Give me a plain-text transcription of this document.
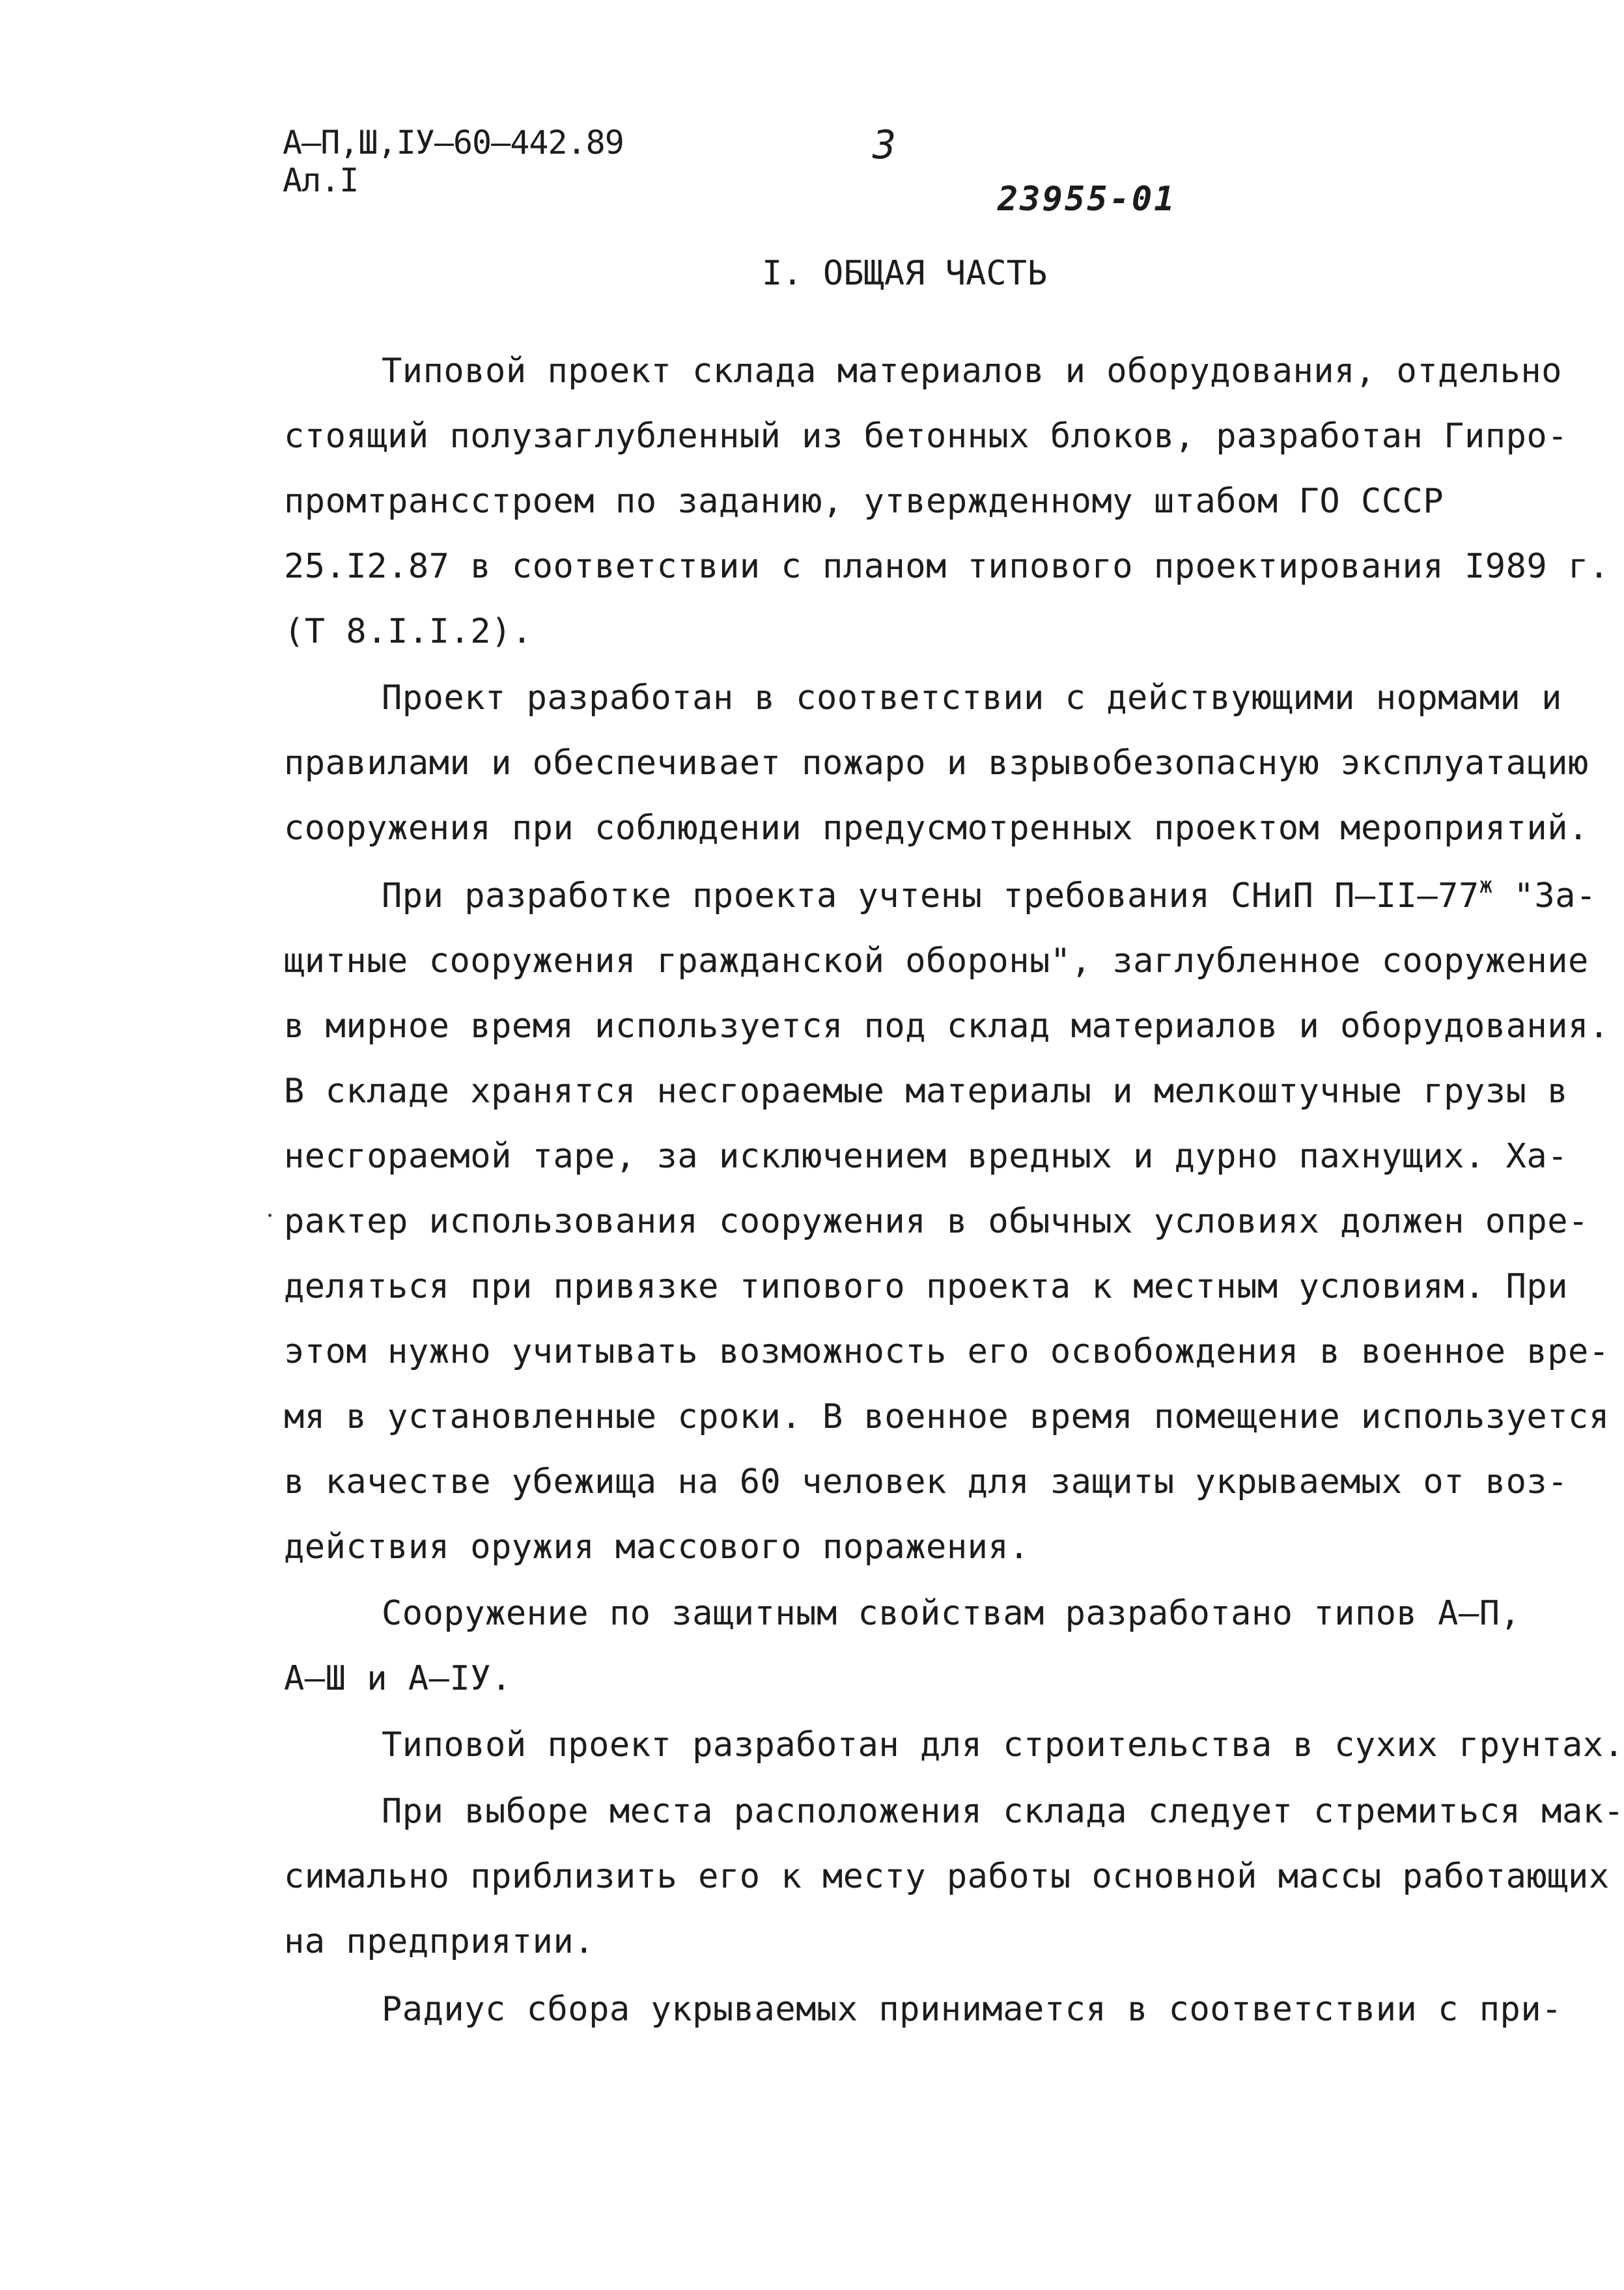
А–П,Ш,IУ–60–442.89
Ал.I
3
23955-01
I. ОБЩАЯ ЧАСТЬ
Типовой проект склада материалов и оборудования, отдельно
стоящий полузаглубленный из бетонных блоков, разработан Гипро-
промтрансстроем по заданию, утвержденному штабом ГО СССР
25.I2.87 в соответствии с планом типового проектирования I989 г.
(Т 8.I.I.2).
Проект разработан в соответствии с действующими нормами и
правилами и обеспечивает пожаро и взрывобезопасную эксплуатацию
сооружения при соблюдении предусмотренных проектом мероприятий.
При разработке проекта учтены требования СНиП $П-II-77^ж$ "За-
щитные сооружения гражданской обороны", заглубленное сооружение
в мирное время используется под склад материалов и оборудования.
В складе хранятся несгораемые материалы и мелкоштучные грузы в
несгораемой таре, за исключением вредных и дурно пахнущих. Ха-
рактер использования сооружения в обычных условиях должен опре-
деляться при привязке типового проекта к местным условиям. При
этом нужно учитывать возможность его освобождения в военное вре-
мя в установленные сроки. В военное время помещение используется
в качестве убежища на 60 человек для защиты укрываемых от воз-
действия оружия массового поражения.
Сооружение по защитным свойствам разработано типов А–П,
А–Ш и А–IУ.
Типовой проект разработан для строительства в сухих грунтах.
При выборе места расположения склада следует стремиться мак-
симально приблизить его к месту работы основной массы работающих
на предприятии.
Радиус сбора укрываемых принимается в соответствии с при-
